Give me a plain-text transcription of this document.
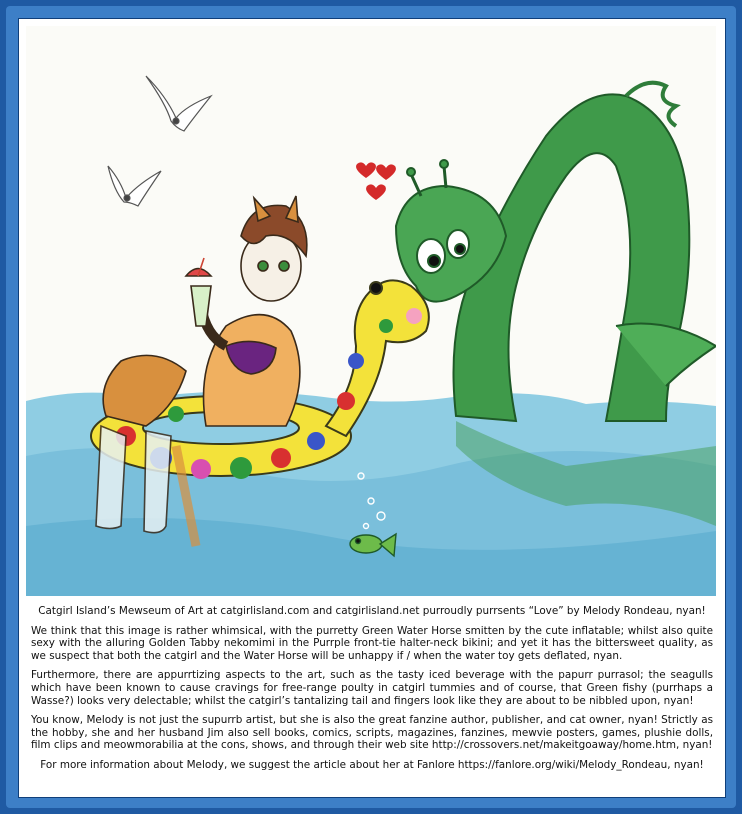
Catgirl Island’s Mewseum of Art at catgirlisland.com and catgirlisland.net purroudly purrsents “Love” by Melody Rondeau, nyan!

We think that this image is rather whimsical, with the purretty Green Water Horse smitten by the cute inflatable; whilst also quite sexy with the alluring Golden Tabby nekomimi in the Purrple front-tie halter-neck bikini; and yet it has the bittersweet quality, as we suspect that both the catgirl and the Water Horse will be unhappy if / when the water toy gets deflated, nyan.

Furthermore, there are appurrtizing aspects to the art, such as the tasty iced beverage with the papurr purrasol; the seagulls which have been known to cause cravings for free-range poulty in catgirl tummies and of course, that Green fishy (purrhaps a Wasse?) looks very delectable; whilst the catgirl’s tantalizing tail and fingers look like they are about to be nibbled upon, nyan!

You know, Melody is not just the supurrb artist, but she is also the great fanzine author, publisher, and cat owner, nyan! Strictly as the hobby, she and her husband Jim also sell books, comics, scripts, magazines, fanzines, mewvie posters, games, plushie dolls, film clips and meowmorabilia at the cons, shows, and through their web site http://crossovers.net/makeitgoaway/home.htm, nyan!

For more information about Melody, we suggest the article about her at Fanlore https://fanlore.org/wiki/Melody_Rondeau, nyan!
